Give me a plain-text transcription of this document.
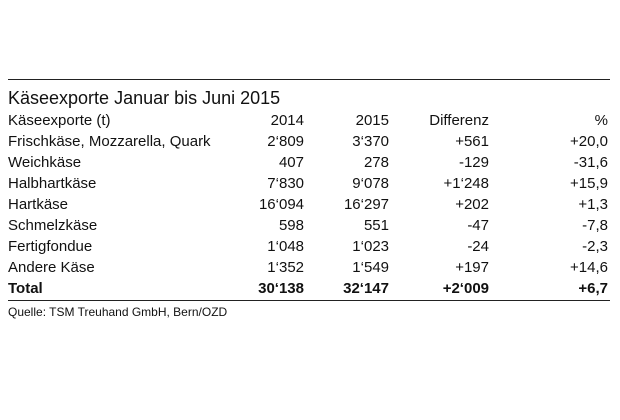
Käseexporte Januar bis Juni 2015
Käseexporte (t)	2014	2015	Differenz	%
Frischkäse, Mozzarella, Quark	2‘809	3‘370	+561	+20,0
Weichkäse	407	278	-129	-31,6
Halbhartkäse	7‘830	9‘078	+1‘248	+15,9
Hartkäse	16‘094	16‘297	+202	+1,3
Schmelzkäse	598	551	-47	-7,8
Fertigfondue	1‘048	1‘023	-24	-2,3
Andere Käse	1‘352	1‘549	+197	+14,6
Total	30‘138	32‘147	+2‘009	+6,7
Quelle: TSM Treuhand GmbH, Bern/OZD
